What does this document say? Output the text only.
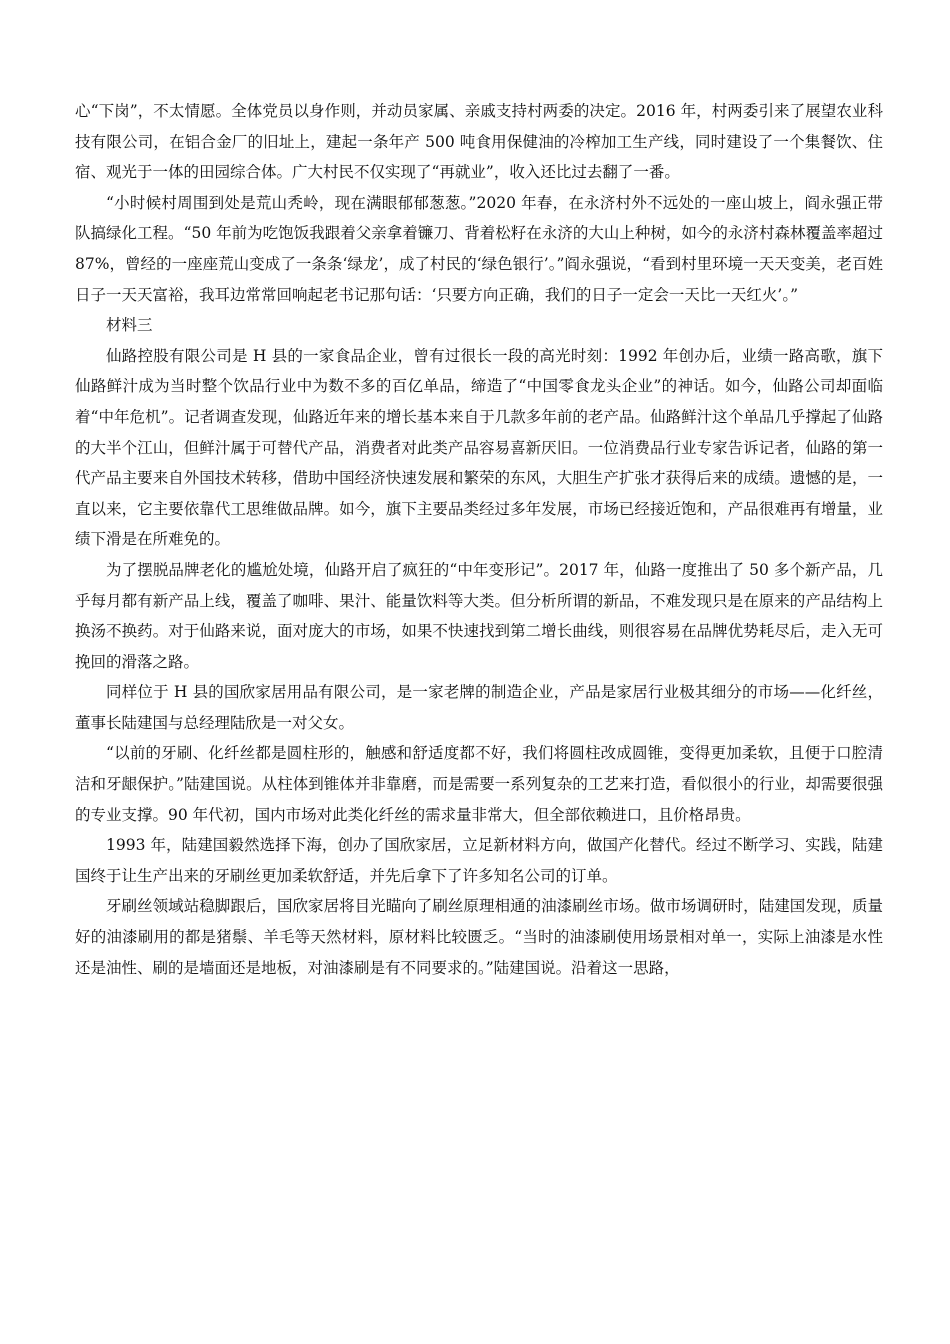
心“下岗”，不太情愿。全体党员以身作则，并动员家属、亲戚支持村两委的决定。2016 年，村两委引来了展望农业科技有限公司，在铝合金厂的旧址上，建起一条年产 500 吨食用保健油的冷榨加工生产线，同时建设了一个集餐饮、住宿、观光于一体的田园综合体。广大村民不仅实现了“再就业”，收入还比过去翻了一番。

“小时候村周围到处是荒山秃岭，现在满眼郁郁葱葱。”2020 年春，在永济村外不远处的一座山坡上，阎永强正带队搞绿化工程。“50 年前为吃饱饭我跟着父亲拿着镰刀、背着松籽在永济的大山上种树，如今的永济村森林覆盖率超过 87%，曾经的一座座荒山变成了一条条‘绿龙’，成了村民的‘绿色银行’。”阎永强说，“看到村里环境一天天变美，老百姓日子一天天富裕，我耳边常常回响起老书记那句话：‘只要方向正确，我们的日子一定会一天比一天红火’。”

材料三

仙路控股有限公司是 H 县的一家食品企业，曾有过很长一段的高光时刻：1992 年创办后，业绩一路高歌，旗下仙路鲜汁成为当时整个饮品行业中为数不多的百亿单品，缔造了“中国零食龙头企业”的神话。如今，仙路公司却面临着“中年危机”。记者调查发现，仙路近年来的增长基本来自于几款多年前的老产品。仙路鲜汁这个单品几乎撑起了仙路的大半个江山，但鲜汁属于可替代产品，消费者对此类产品容易喜新厌旧。一位消费品行业专家告诉记者，仙路的第一代产品主要来自外国技术转移，借助中国经济快速发展和繁荣的东风，大胆生产扩张才获得后来的成绩。遗憾的是，一直以来，它主要依靠代工思维做品牌。如今，旗下主要品类经过多年发展，市场已经接近饱和，产品很难再有增量，业绩下滑是在所难免的。

为了摆脱品牌老化的尴尬处境，仙路开启了疯狂的“中年变形记”。2017 年，仙路一度推出了 50 多个新产品，几乎每月都有新产品上线，覆盖了咖啡、果汁、能量饮料等大类。但分析所谓的新品，不难发现只是在原来的产品结构上换汤不换药。对于仙路来说，面对庞大的市场，如果不快速找到第二增长曲线，则很容易在品牌优势耗尽后，走入无可挽回的滑落之路。

同样位于 H 县的国欣家居用品有限公司，是一家老牌的制造企业，产品是家居行业极其细分的市场——化纤丝，董事长陆建国与总经理陆欣是一对父女。

“以前的牙刷、化纤丝都是圆柱形的，触感和舒适度都不好，我们将圆柱改成圆锥，变得更加柔软，且便于口腔清洁和牙龈保护。”陆建国说。从柱体到锥体并非靠磨，而是需要一系列复杂的工艺来打造，看似很小的行业，却需要很强的专业支撑。90 年代初，国内市场对此类化纤丝的需求量非常大，但全部依赖进口，且价格昂贵。

1993 年，陆建国毅然选择下海，创办了国欣家居，立足新材料方向，做国产化替代。经过不断学习、实践，陆建国终于让生产出来的牙刷丝更加柔软舒适，并先后拿下了许多知名公司的订单。

牙刷丝领域站稳脚跟后，国欣家居将目光瞄向了刷丝原理相通的油漆刷丝市场。做市场调研时，陆建国发现，质量好的油漆刷用的都是猪鬃、羊毛等天然材料，原材料比较匮乏。“当时的油漆刷使用场景相对单一，实际上油漆是水性还是油性、刷的是墙面还是地板，对油漆刷是有不同要求的。”陆建国说。沿着这一思路，
